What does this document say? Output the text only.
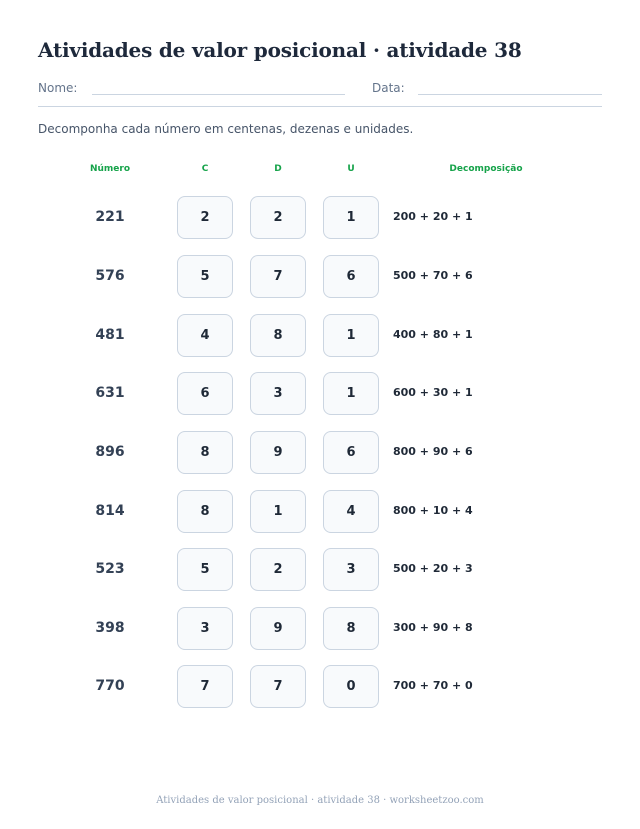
Atividades de valor posicional · atividade 38
Nome:	Data:
Decomponha cada número em centenas, dezenas e unidades.
Número	C	D	U	Decomposição
221	2	2	1	200 + 20 + 1
576	5	7	6	500 + 70 + 6
481	4	8	1	400 + 80 + 1
631	6	3	1	600 + 30 + 1
896	8	9	6	800 + 90 + 6
814	8	1	4	800 + 10 + 4
523	5	2	3	500 + 20 + 3
398	3	9	8	300 + 90 + 8
770	7	7	0	700 + 70 + 0
Atividades de valor posicional · atividade 38 · worksheetzoo.com
